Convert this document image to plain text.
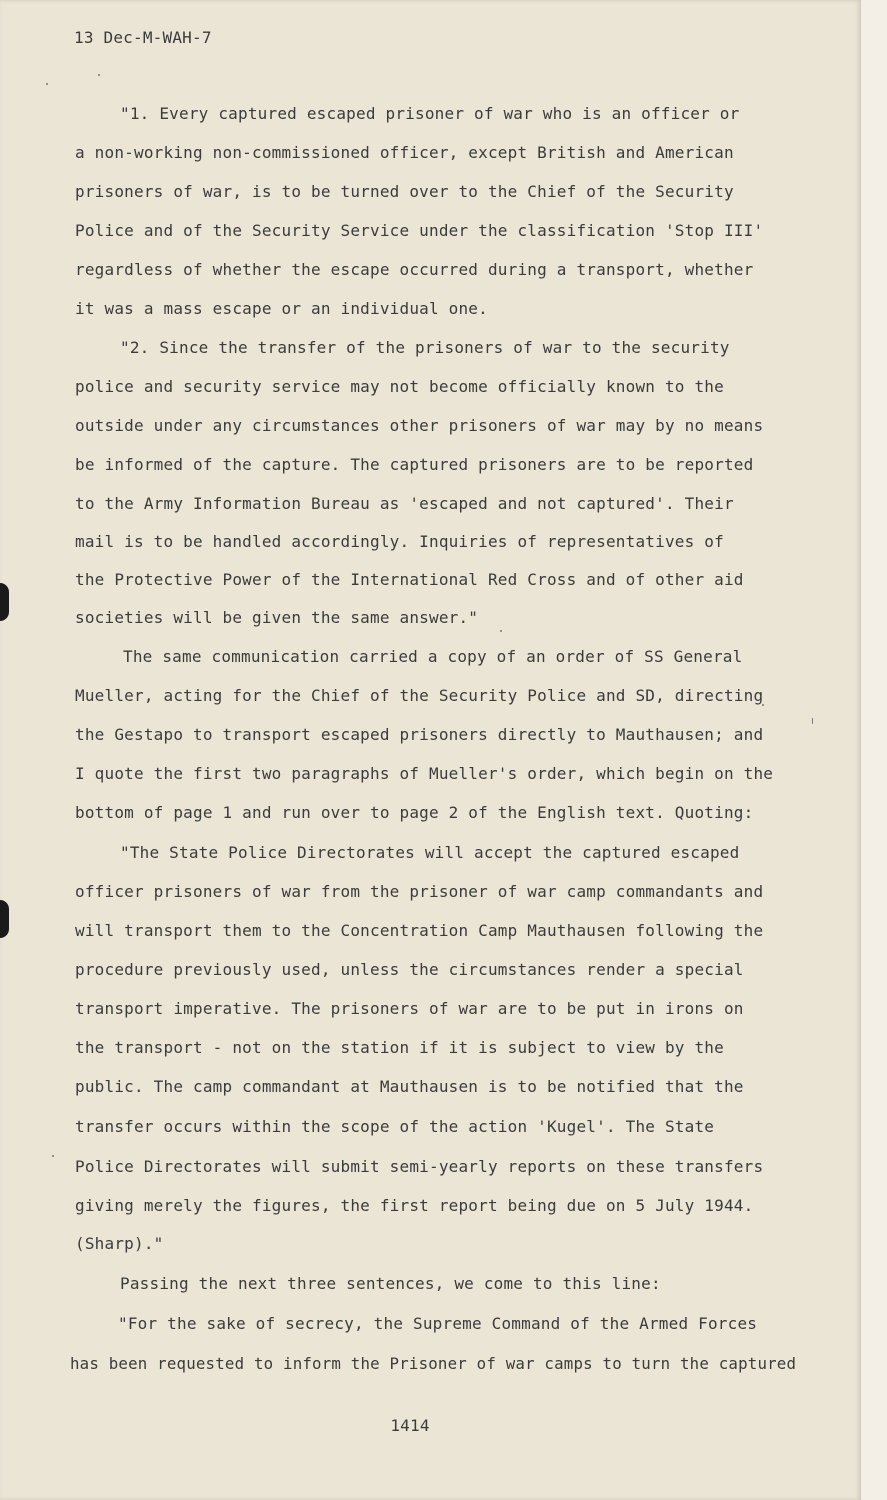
13 Dec-M-WAH-7
"1. Every captured escaped prisoner of war who is an officer or
a non-working non-commissioned officer, except British and American
prisoners of war, is to be turned over to the Chief of the Security
Police and of the Security Service under the classification 'Stop III'
regardless of whether the escape occurred during a transport, whether
it was a mass escape or an individual one.
"2. Since the transfer of the prisoners of war to the security
police and security service may not become officially known to the
outside under any circumstances other prisoners of war may by no means
be informed of the capture. The captured prisoners are to be reported
to the Army Information Bureau as 'escaped and not captured'. Their
mail is to be handled accordingly. Inquiries of representatives of
the Protective Power of the International Red Cross and of other aid
societies will be given the same answer."
The same communication carried a copy of an order of SS General
Mueller, acting for the Chief of the Security Police and SD, directing
the Gestapo to transport escaped prisoners directly to Mauthausen; and
I quote the first two paragraphs of Mueller's order, which begin on the
bottom of page 1 and run over to page 2 of the English text. Quoting:
"The State Police Directorates will accept the captured escaped
officer prisoners of war from the prisoner of war camp commandants and
will transport them to the Concentration Camp Mauthausen following the
procedure previously used, unless the circumstances render a special
transport imperative. The prisoners of war are to be put in irons on
the transport - not on the station if it is subject to view by the
public. The camp commandant at Mauthausen is to be notified that the
transfer occurs within the scope of the action 'Kugel'. The State
Police Directorates will submit semi-yearly reports on these transfers
giving merely the figures, the first report being due on 5 July 1944.
(Sharp)."
Passing the next three sentences, we come to this line:
"For the sake of secrecy, the Supreme Command of the Armed Forces
has been requested to inform the Prisoner of war camps to turn the captured
1414
